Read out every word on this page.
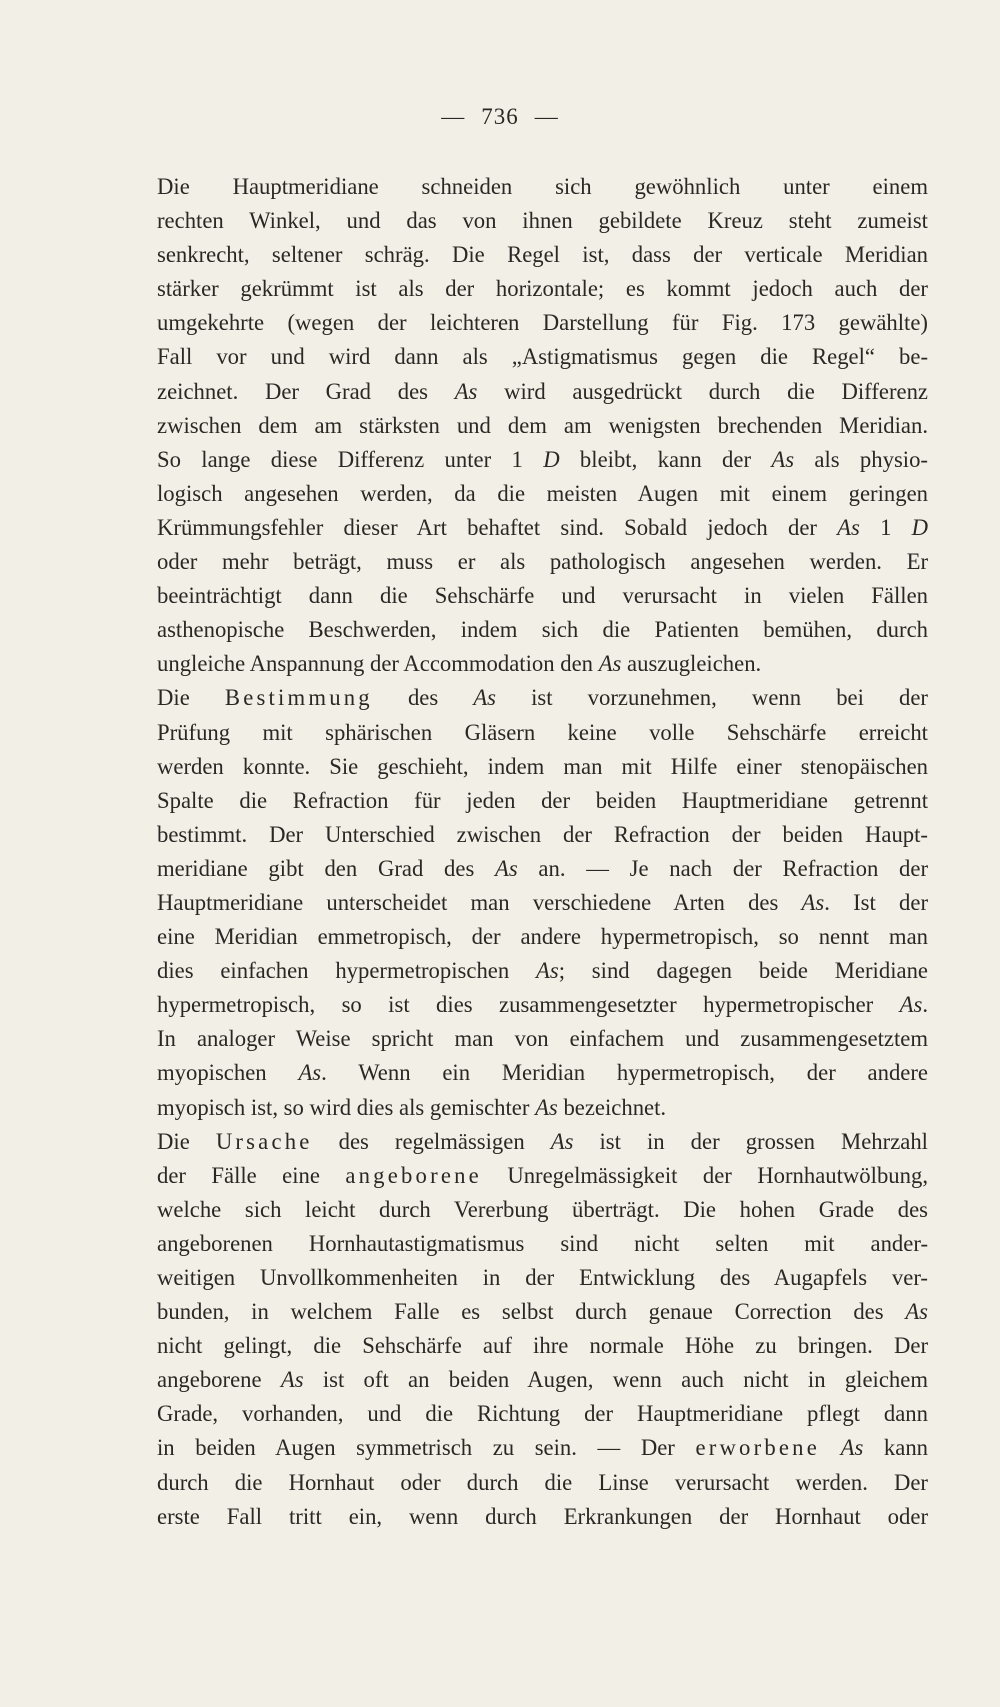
— 736 —
Die Hauptmeridiane schneiden sich gewöhnlich unter einem
rechten Winkel, und das von ihnen gebildete Kreuz steht zumeist
senkrecht, seltener schräg. Die Regel ist, dass der verticale Meridian
stärker gekrümmt ist als der horizontale; es kommt jedoch auch der
umgekehrte (wegen der leichteren Darstellung für Fig. 173 gewählte)
Fall vor und wird dann als „Astigmatismus gegen die Regel“ be-
zeichnet. Der Grad des As wird ausgedrückt durch die Differenz
zwischen dem am stärksten und dem am wenigsten brechenden Meridian.
So lange diese Differenz unter 1 D bleibt, kann der As als physio-
logisch angesehen werden, da die meisten Augen mit einem geringen
Krümmungsfehler dieser Art behaftet sind. Sobald jedoch der As 1 D
oder mehr beträgt, muss er als pathologisch angesehen werden. Er
beeinträchtigt dann die Sehschärfe und verursacht in vielen Fällen
asthenopische Beschwerden, indem sich die Patienten bemühen, durch
ungleiche Anspannung der Accommodation den As auszugleichen.
Die Bestimmung des As ist vorzunehmen, wenn bei der
Prüfung mit sphärischen Gläsern keine volle Sehschärfe erreicht
werden konnte. Sie geschieht, indem man mit Hilfe einer stenopäischen
Spalte die Refraction für jeden der beiden Hauptmeridiane getrennt
bestimmt. Der Unterschied zwischen der Refraction der beiden Haupt-
meridiane gibt den Grad des As an. — Je nach der Refraction der
Hauptmeridiane unterscheidet man verschiedene Arten des As. Ist der
eine Meridian emmetropisch, der andere hypermetropisch, so nennt man
dies einfachen hypermetropischen As; sind dagegen beide Meridiane
hypermetropisch, so ist dies zusammengesetzter hypermetropischer As.
In analoger Weise spricht man von einfachem und zusammengesetztem
myopischen As. Wenn ein Meridian hypermetropisch, der andere
myopisch ist, so wird dies als gemischter As bezeichnet.
Die Ursache des regelmässigen As ist in der grossen Mehrzahl
der Fälle eine angeborene Unregelmässigkeit der Hornhautwölbung,
welche sich leicht durch Vererbung überträgt. Die hohen Grade des
angeborenen Hornhautastigmatismus sind nicht selten mit ander-
weitigen Unvollkommenheiten in der Entwicklung des Augapfels ver-
bunden, in welchem Falle es selbst durch genaue Correction des As
nicht gelingt, die Sehschärfe auf ihre normale Höhe zu bringen. Der
angeborene As ist oft an beiden Augen, wenn auch nicht in gleichem
Grade, vorhanden, und die Richtung der Hauptmeridiane pflegt dann
in beiden Augen symmetrisch zu sein. — Der erworbene As kann
durch die Hornhaut oder durch die Linse verursacht werden. Der
erste Fall tritt ein, wenn durch Erkrankungen der Hornhaut oder
